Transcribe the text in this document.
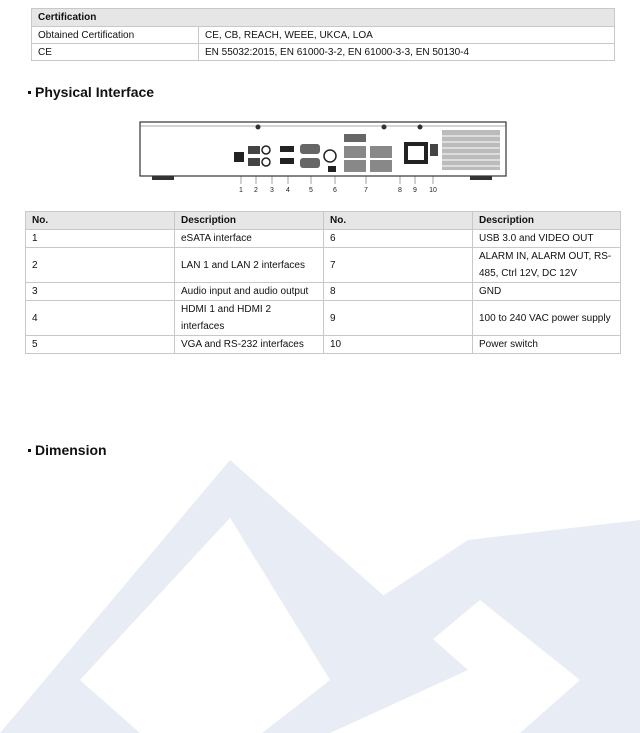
Certification	
Obtained Certification	CE, CB, REACH, WEEE, UKCA, LOA
CE	EN 55032:2015, EN 61000-3-2, EN 61000-3-3, EN 50130-4
Physical Interface
1 2 3 4	5	6	7	8 9 10
No.	Description	No.	Description
1	eSATA interface	6	USB 3.0 and VIDEO OUT
2	LAN 1 and LAN 2 interfaces	7	ALARM IN, ALARM OUT, RS-485, Ctrl 12V, DC 12V
3	Audio input and audio output	8	GND
4	HDMI 1 and HDMI 2 interfaces	9	100 to 240 VAC power supply
5	VGA and RS-232 interfaces	10	Power switch
Dimension
